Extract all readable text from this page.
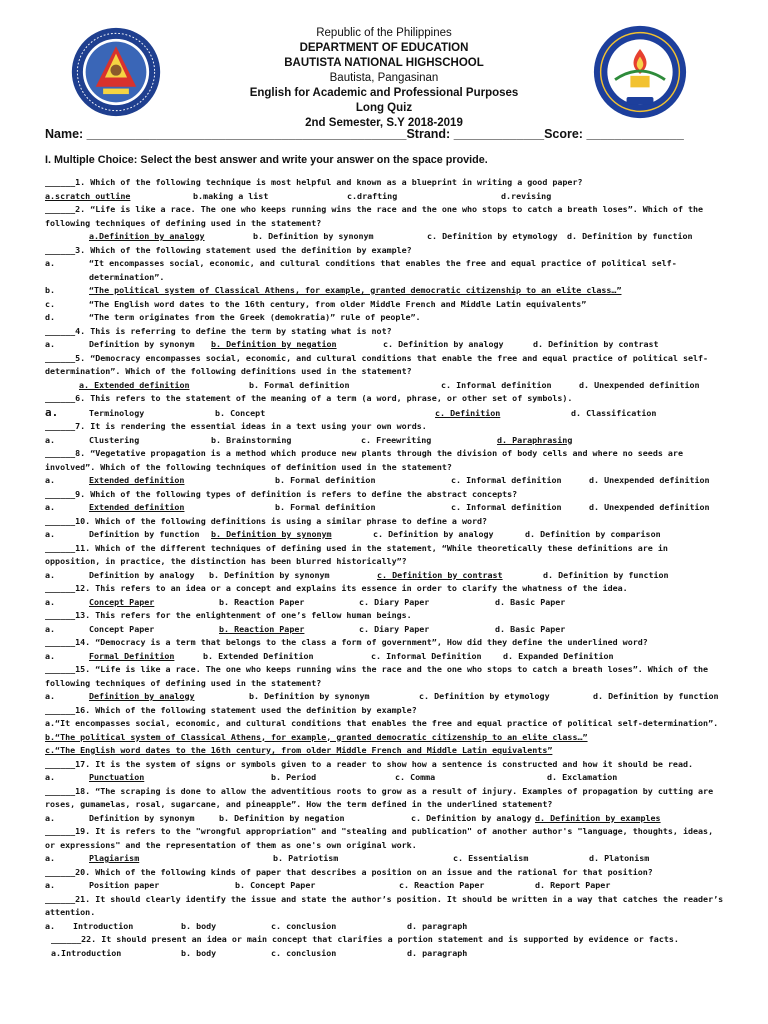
Republic of the Philippines
DEPARTMENT OF EDUCATION
BAUTISTA NATIONAL HIGHSCHOOL
Bautista, Pangasinan
English for Academic and Professional Purposes
Long Quiz
2nd Semester, S.Y 2018-2019
Name: ______________________________________________Strand: _____________Score: ______________
I. Multiple Choice: Select the best answer and write your answer on the space provide.
______1. Which of the following technique is most helpful and known as a blueprint in writing a good paper?
a.scratch outline	b.making a list	c.drafting	d.revising
______2. “Life is like a race. The one who keeps running wins the race and the one who stops to catch a breath loses”. Which of the following techniques of defining used in the statement?
a.Definition by analogy	b. Definition by synonym	c. Definition by etymology	d. Definition by function
______3. Which of the following statement used the definition by example?
a.	“It encompasses social, economic, and cultural conditions that enables the free and equal practice of political self-determination”.
b.	“The political system of Classical Athens, for example, granted democratic citizenship to an elite class…”
c.	“The English word dates to the 16th century, from older Middle French and Middle Latin equivalents”
d.	“The term originates from the Greek (demokratia)” rule of people”.
______4. This is referring to define the term by stating what is not?
a.	Definition by synonym	b. Definition by negation	c. Definition by analogy	d. Definition by contrast
______5. “Democracy encompasses social, economic, and cultural conditions that enable the free and equal practice of political self-determination”. Which of the following definitions used in the statement?
a. Extended definition	b. Formal definition	c. Informal definition	d. Unexpended definition
______6. This refers to the statement of the meaning of a term (a word, phrase, or other set of symbols).
a.	Terminology	b. Concept	c. Definition	d. Classification
______7. It is rendering the essential ideas in a text using your own words.
a.	Clustering	b. Brainstorming	c. Freewriting	d. Paraphrasing
______8. “Vegetative propagation is a method which produce new plants through the division of body cells and where no seeds are involved”. Which of the following techniques of definition used in the statement?
a.	Extended definition	b. Formal definition	c. Informal definition	d. Unexpended definition
______9. Which of the following types of definition is refers to define the abstract concepts?
a.	Extended definition	b. Formal definition	c. Informal definition	d. Unexpended definition
______10. Which of the following definitions is using a similar phrase to define a word?
a.	Definition by function b. Definition by synonym	c. Definition by analogy	d. Definition by comparison
______11. Which of the different techniques of defining used in the statement, “While theoretically these definitions are in opposition, in practice, the distinction has been blurred historically”?
a.	Definition by analogy	b. Definition by synonym	c. Definition by contrast	d. Definition by function
______12. This refers to an idea or a concept and explains its essence in order to clarify the whatness of the idea.
a.	Concept Paper	b. Reaction Paper	c. Diary Paper	d. Basic Paper
______13. This refers for the enlightenment of one’s fellow human beings.
a.	Concept Paper	b. Reaction Paper	c. Diary Paper	d. Basic Paper
______14. “Democracy is a term that belongs to the class a form of government”, How did they define the underlined word?
a.	Formal Definition	b. Extended Definition	c. Informal Definition	d. Expanded Definition
______15. “Life is like a race. The one who keeps running wins the race and the one who stops to catch a breath loses”. Which of the following techniques of defining used in the statement?
a.	Definition by analogy	b. Definition by synonym	c. Definition by etymology	d. Definition by function
______16. Which of the following statement used the definition by example?
a.“It encompasses social, economic, and cultural conditions that enables the free and equal practice of political self-determination”.
b.“The political system of Classical Athens, for example, granted democratic citizenship to an elite class…”
c.“The English word dates to the 16th century, from older Middle French and Middle Latin equivalents”
______17. It is the system of signs or symbols given to a reader to show how a sentence is constructed and how it should be read.
a.	Punctuation	b. Period	c. Comma	d. Exclamation
______18. “The scraping is done to allow the adventitious roots to grow as a result of injury. Examples of propagation by cutting are roses, gumamelas, rosal, sugarcane, and pineapple”. How the term defined in the underlined statement?
a.	Definition by synonym	b. Definition by negation	c. Definition by analogy d. Definition by examples
______19. It is refers to the "wrongful appropriation" and "stealing and publication" of another author's "language, thoughts, ideas, or expressions" and the representation of them as one's own original work.
a.	Plagiarism	b. Patriotism	c. Essentialism	d. Platonism
______20. Which of the following kinds of paper that describes a position on an issue and the rational for that position?
a.	Position paper	b. Concept Paper	c. Reaction Paper	d. Report Paper
______21. It should clearly identify the issue and state the author’s position. It should be written in a way that catches the reader’s attention.
a.	Introduction	b. body	c. conclusion	d. paragraph
______22. It should present an idea or main concept that clarifies a portion statement and is supported by evidence or facts.
a.Introduction	b. body	c. conclusion	d. paragraph
